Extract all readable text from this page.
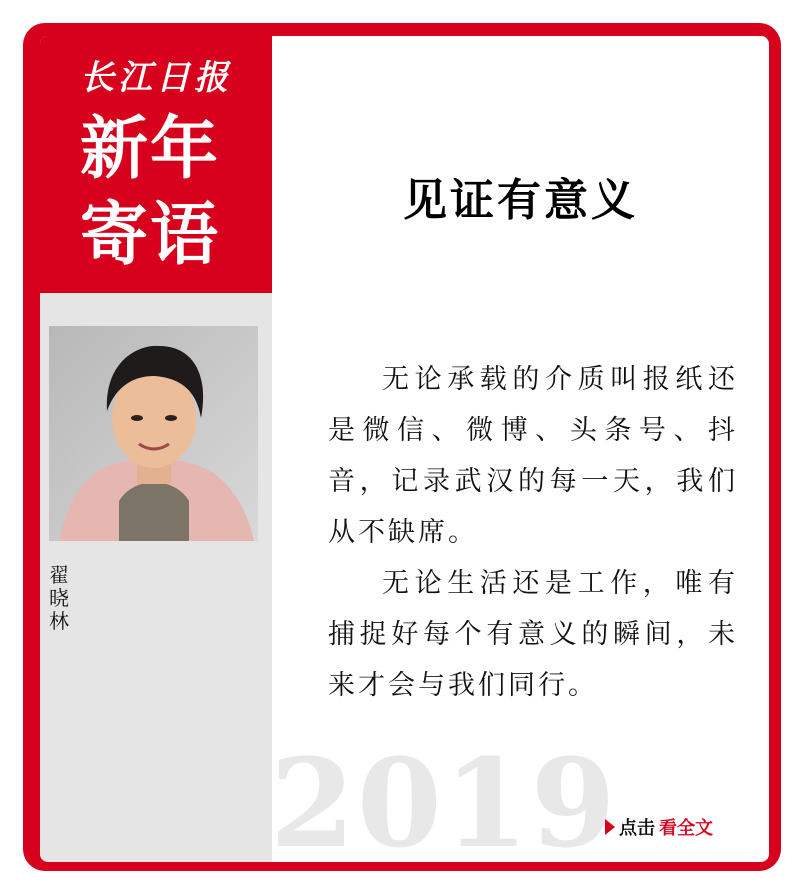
长江日报
新年
寄语
翟晓林
见证有意义

无论承载的介质叫报纸还是微信、微博、头条号、抖音，记录武汉的每一天，我们从不缺席。

无论生活还是工作，唯有捕捉好每个有意义的瞬间，未来才会与我们同行。

2019 点击 看全文
